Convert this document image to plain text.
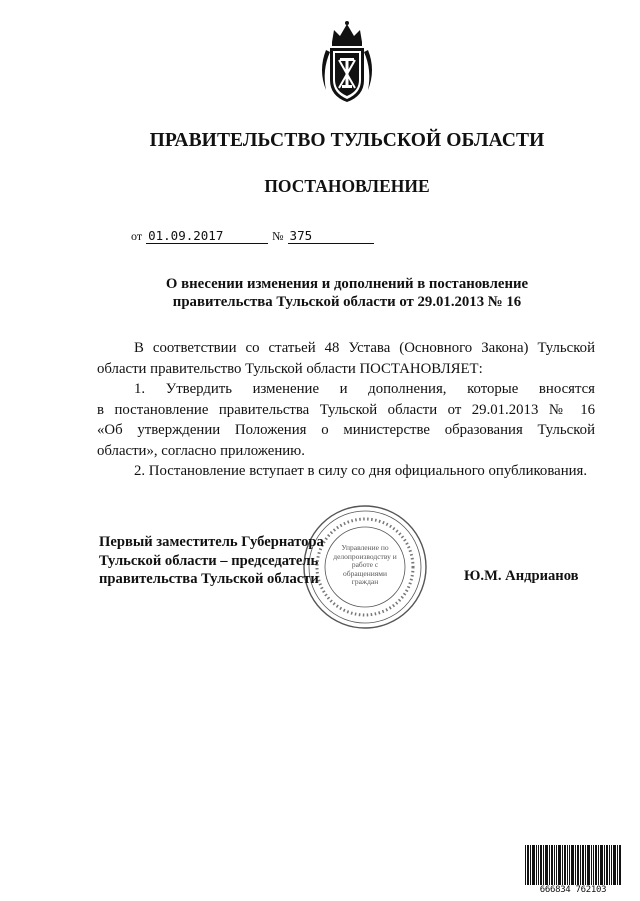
ПРАВИТЕЛЬСТВО ТУЛЬСКОЙ ОБЛАСТИ
ПОСТАНОВЛЕНИЕ
от 01.09.2017	№ 375
О внесении изменения и дополнений в постановление
правительства Тульской области от 29.01.2013 № 16

В соответствии со статьей 48 Устава (Основного Закона) Тульской

области правительство Тульской области ПОСТАНОВЛЯЕТ:

1. Утвердить изменение и дополнения, которые вносятся

в постановление правительства Тульской области от 29.01.2013 № 16

«Об утверждении Положения о министерстве образования Тульской

области», согласно приложению.

2. Постановление вступает в силу со дня официального опубликования.

Управление по делопроизводству и работе с обращениями граждан
Первый заместитель Губернатора
Тульской области – председатель
правительства Тульской области	Ю.М. Андрианов
666834 762103
